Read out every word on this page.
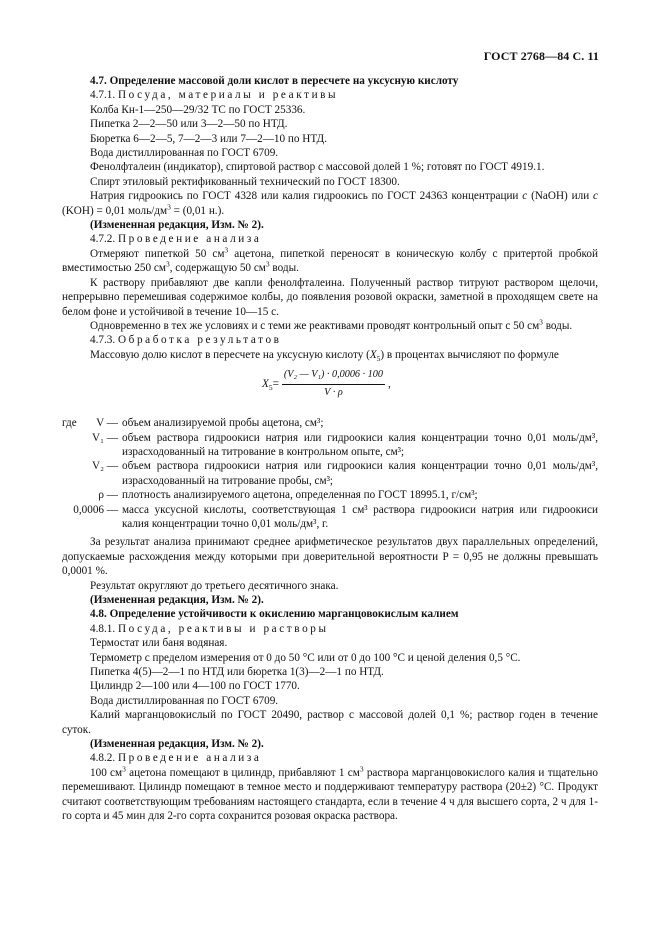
ГОСТ 2768—84 С. 11

4.7. Определение массовой доли кислот в пересчете на уксусную кислоту

4.7.1. Посуда, материалы и реактивы

Колба Кн-1—250—29/32 ТС по ГОСТ 25336.

Пипетка 2—2—50 или 3—2—50 по НТД.

Бюретка 6—2—5, 7—2—3 или 7—2—10 по НТД.

Вода дистиллированная по ГОСТ 6709.

Фенолфталеин (индикатор), спиртовой раствор с массовой долей 1 %; готовят по ГОСТ 4919.1.

Спирт этиловый ректификованный технический по ГОСТ 18300.

Натрия гидроокись по ГОСТ 4328 или калия гидроокись по ГОСТ 24363 концентрации c (NaOH) или c (KOH) = 0,01 моль/$дм^3 = (0,01$ н.).

(Измененная редакция, Изм. № 2).

4.7.2. Проведение анализа

Отмеряют пипеткой 50 $см^3$ ацетона, пипеткой переносят в коническую колбу с притертой пробкой вместимостью 250 $см^3$, содержащую 50 $см^3$ воды.

К раствору прибавляют две капли фенолфталеина. Полученный раствор титруют раствором щелочи, непрерывно перемешивая содержимое колбы, до появления розовой окраски, заметной в проходящем свете на белом фоне и устойчивой в течение 10—15 с.

Одновременно в тех же условиях и с теми же реактивами проводят контрольный опыт с 50 $см^3$ воды.

4.7.3. Обработка результатов

Массовую долю кислот в пересчете на уксусную кислоту $(X_5)$ в процентах вычисляют по формуле

$X_5 = \frac{\text{(V₂ — V₁) · 0,0006 · 100}}{V \cdot \rho}$ ,
где	V — объем анализируемой пробы ацетона, см³;
V₁ — объем раствора гидроокиси натрия или гидроокиси калия концентрации точно 0,01 моль/дм³, израсходованный на титрование в контрольном опыте, см³;
V₂ — объем раствора гидроокиси натрия или гидроокиси калия концентрации точно 0,01 моль/дм³, израсходованный на титрование пробы, см³;
ρ — плотность анализируемого ацетона, определенная по ГОСТ 18995.1, г/см³;
0,0006 — масса уксусной кислоты, соответствующая 1 см³ раствора гидроокиси натрия или гидроокиси калия концентрации точно 0,01 моль/дм³, г.

За результат анализа принимают среднее арифметическое результатов двух параллельных определений, допускаемые расхождения между которыми при доверительной вероятности P = 0,95 не должны превышать 0,0001 %.

Результат округляют до третьего десятичного знака.

(Измененная редакция, Изм. № 2).

4.8. Определение устойчивости к окислению марганцовокислым калием

4.8.1. Посуда, реактивы и растворы

Термостат или баня водяная.

Термометр с пределом измерения от 0 до 50 °С или от 0 до 100 °С и ценой деления 0,5 °С.

Пипетка 4(5)—2—1 по НТД или бюретка 1(3)—2—1 по НТД.

Цилиндр 2—100 или 4—100 по ГОСТ 1770.

Вода дистиллированная по ГОСТ 6709.

Калий марганцовокислый по ГОСТ 20490, раствор с массовой долей 0,1 %; раствор годен в течение суток.

(Измененная редакция, Изм. № 2).

4.8.2. Проведение анализа

100 $см^3$ ацетона помещают в цилиндр, прибавляют 1 $см^3$ раствора марганцовокислого калия и тщательно перемешивают. Цилиндр помещают в темное место и поддерживают температуру раствора (20±2) °С. Продукт считают соответствующим требованиям настоящего стандарта, если в течение 4 ч для высшего сорта, 2 ч для 1-го сорта и 45 мин для 2-го сорта сохранится розовая окраска раствора.
